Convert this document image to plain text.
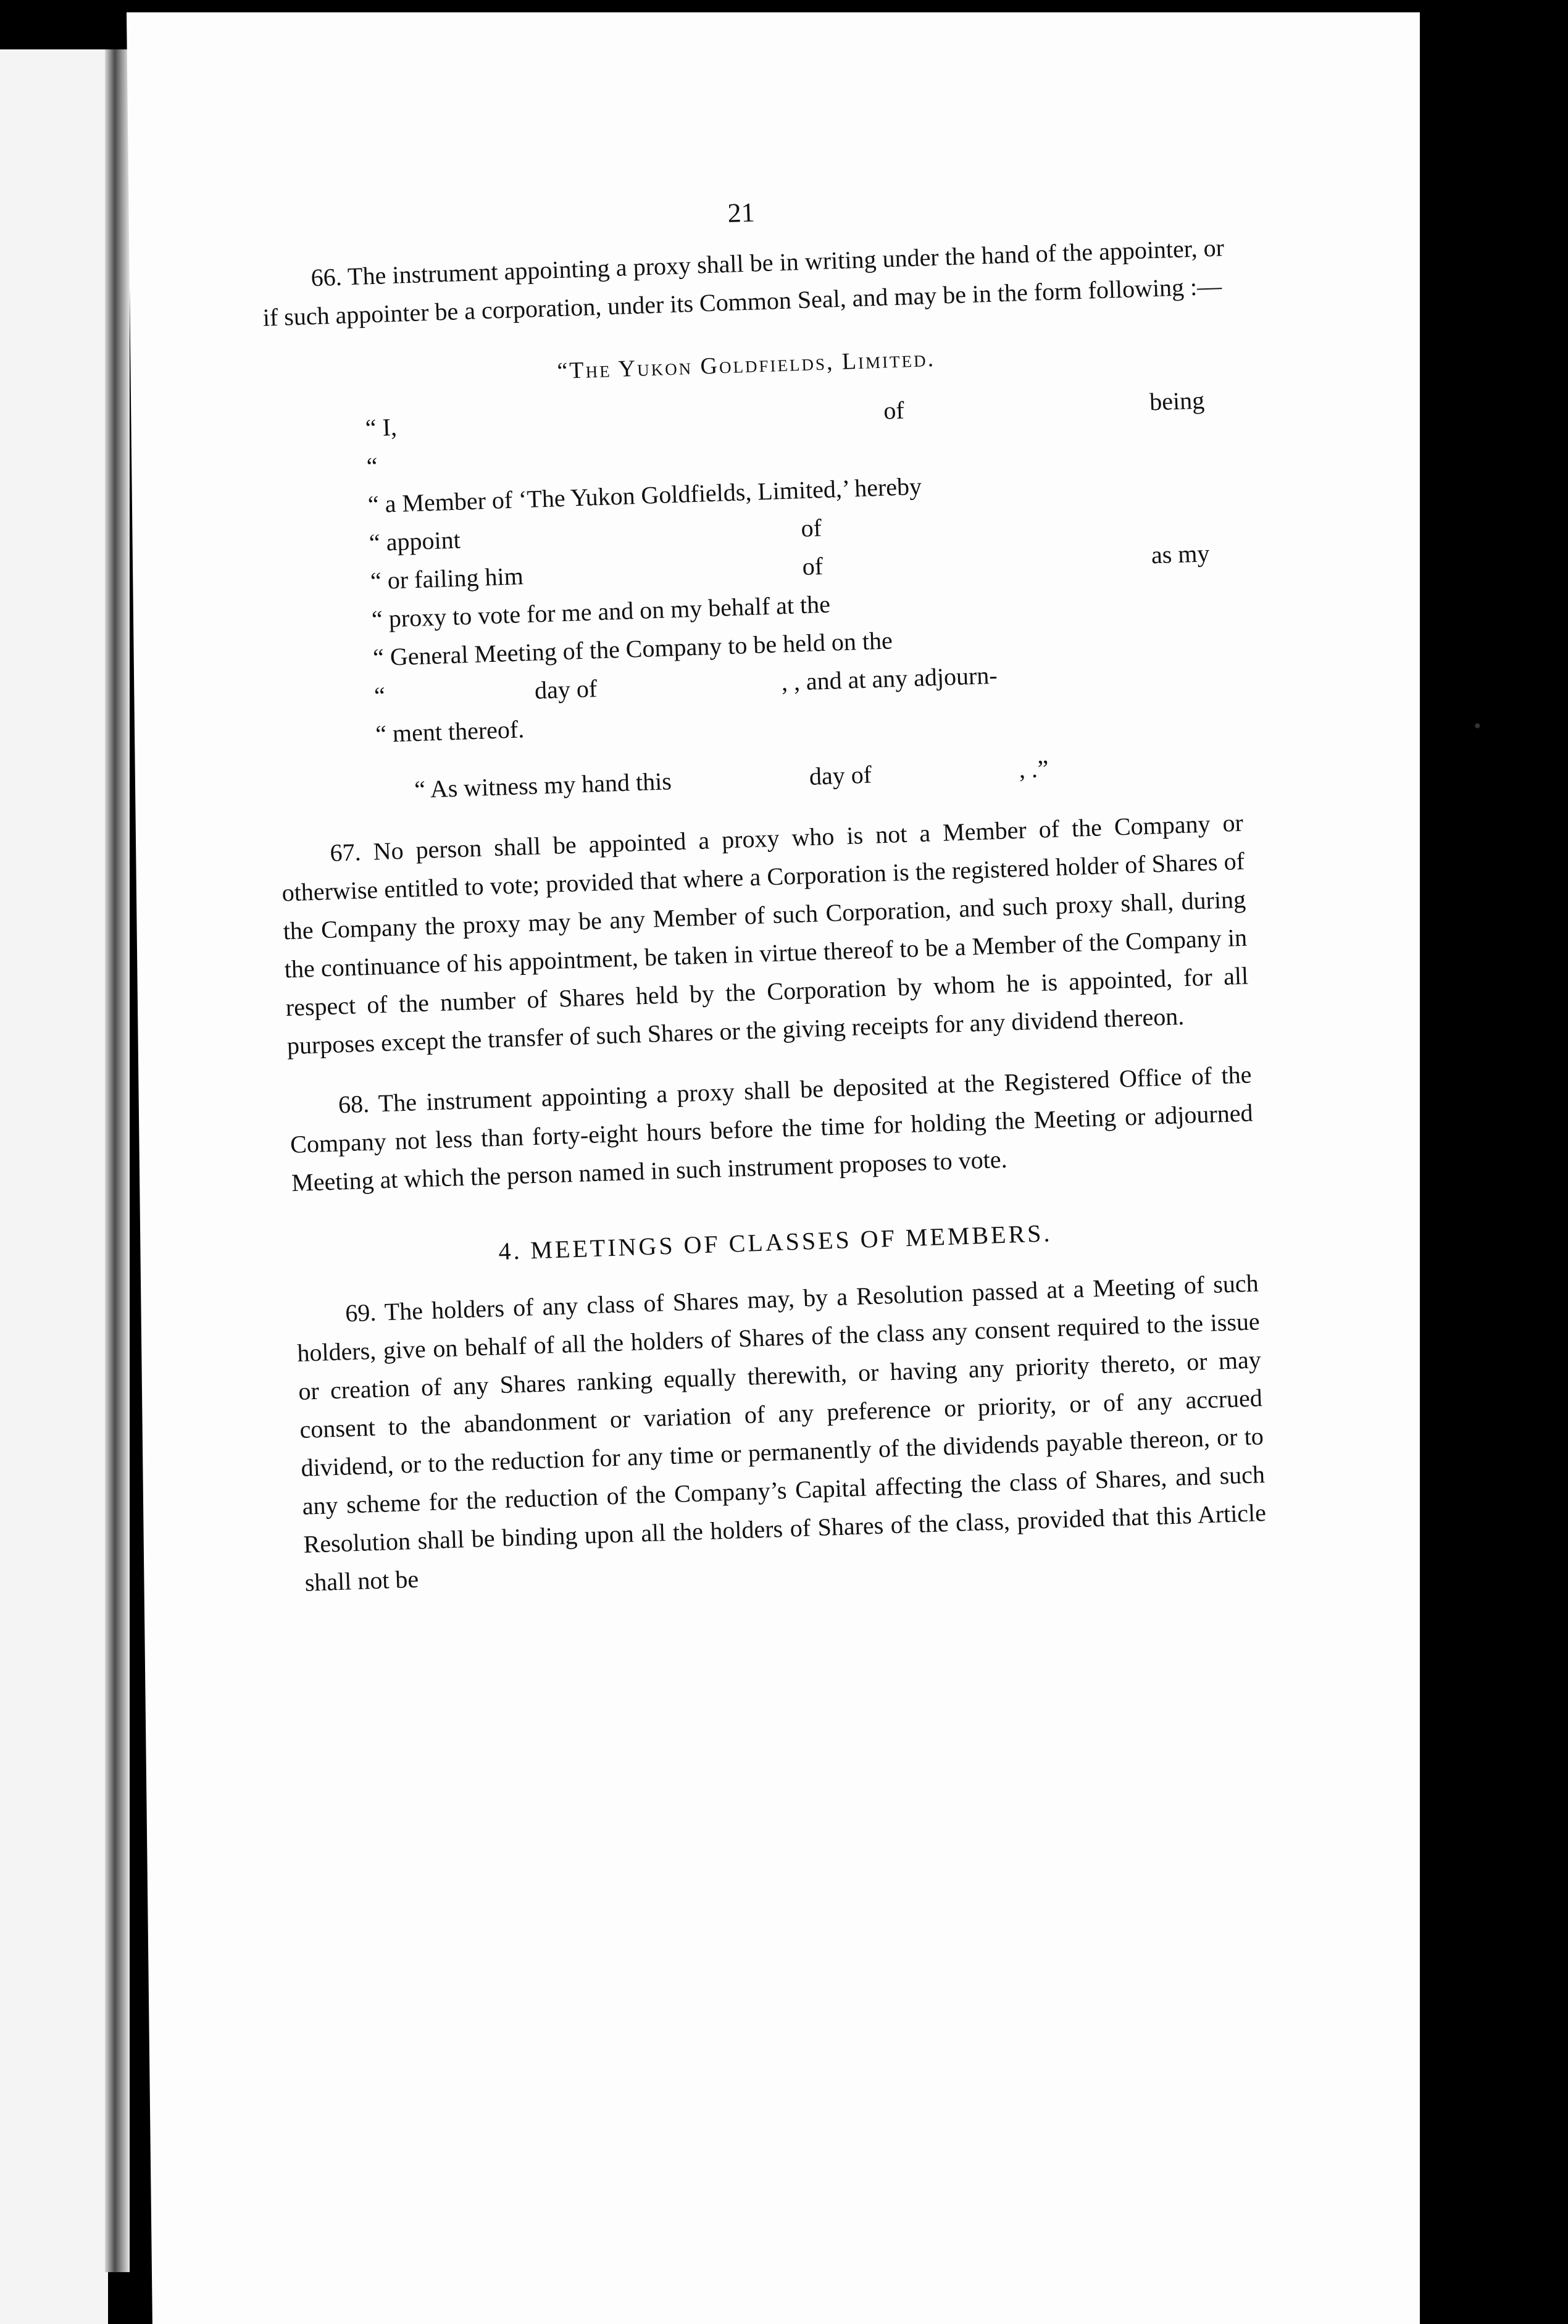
•
21

66. The instrument appointing a proxy shall be in writing under the hand of the appointer, or if such appointer be a corporation, under its Common Seal, and may be in the form following :—

“The Yukon Goldfields, Limited.
“ I,
of	being
“
“ a Member of ‘The Yukon Goldfields, Limited,’ hereby
“ appoint	of
“ or failing him	of	as my
“ proxy to vote for me and on my behalf at the
“ General Meeting of the Company to be held on the
“	day of	, , and at any adjourn-
“ ment thereof.
“ As witness my hand this	day of	, .”

67. No person shall be appointed a proxy who is not a Member of the Company or otherwise entitled to vote; provided that where a Corporation is the registered holder of Shares of the Company the proxy may be any Member of such Corporation, and such proxy shall, during the continuance of his appointment, be taken in virtue thereof to be a Member of the Company in respect of the number of Shares held by the Corporation by whom he is appointed, for all purposes except the transfer of such Shares or the giving receipts for any dividend thereon.

68. The instrument appointing a proxy shall be deposited at the Registered Office of the Company not less than forty-eight hours before the time for holding the Meeting or adjourned Meeting at which the person named in such instrument proposes to vote.

4. MEETINGS OF CLASSES OF MEMBERS.

69. The holders of any class of Shares may, by a Resolution passed at a Meeting of such holders, give on behalf of all the holders of Shares of the class any consent required to the issue or creation of any Shares ranking equally therewith, or having any priority thereto, or may consent to the abandonment or variation of any preference or priority, or of any accrued dividend, or to the reduction for any time or permanently of the dividends payable thereon, or to any scheme for the reduction of the Company’s Capital affecting the class of Shares, and such Resolution shall be binding upon all the holders of Shares of the class, provided that this Article shall not be
